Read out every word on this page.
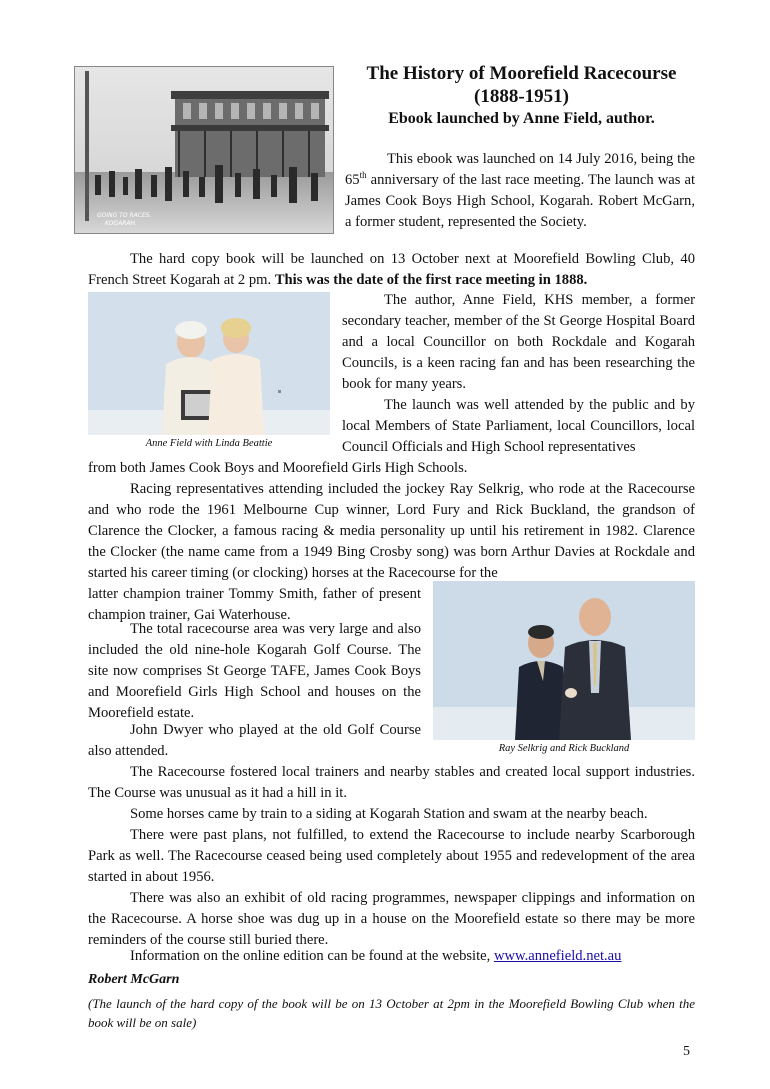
GOING TO RACES.
KOGARAH.

The History of Moorefield Racecourse

(1888-1951)

Ebook launched by Anne Field, author.

This ebook was launched on 14 July 2016, being the 65th anniversary of the last race meeting. The launch was at James Cook Boys High School, Kogarah. Robert McGarn, a former student, represented the Society.

The hard copy book will be launched on 13 October next at Moorefield Bowling Club, 40 French Street Kogarah at 2 pm. This was the date of the first race meeting in 1888.

Anne Field with Linda Beattie

The author, Anne Field, KHS member, a former secondary teacher, member of the St George Hospital Board and a local Councillor on both Rockdale and Kogarah Councils, is a keen racing fan and has been researching the book for many years.

The launch was well attended by the public and by local Members of State Parliament, local Councillors, local Council Officials and High School representatives

from both James Cook Boys and Moorefield Girls High Schools.

Racing representatives attending included the jockey Ray Selkrig, who rode at the Racecourse and who rode the 1961 Melbourne Cup winner, Lord Fury and Rick Buckland, the grandson of Clarence the Clocker, a famous racing & media personality up until his retirement in 1982. Clarence the Clocker (the name came from a 1949 Bing Crosby song) was born Arthur Davies at Rockdale and started his career timing (or clocking) horses at the Racecourse for the

latter champion trainer Tommy Smith, father of present champion trainer, Gai Waterhouse.

Ray Selkrig and Rick Buckland

The total racecourse area was very large and also included the old nine-hole Kogarah Golf Course. The site now comprises St George TAFE, James Cook Boys and Moorefield Girls High School and houses on the Moorefield estate.

John Dwyer who played at the old Golf Course also attended.

The Racecourse fostered local trainers and nearby stables and created local support industries. The Course was unusual as it had a hill in it.

Some horses came by train to a siding at Kogarah Station and swam at the nearby beach.

There were past plans, not fulfilled, to extend the Racecourse to include nearby Scarborough Park as well. The Racecourse ceased being used completely about 1955 and redevelopment of the area started in about 1956.

There was also an exhibit of old racing programmes, newspaper clippings and information on the Racecourse. A horse shoe was dug up in a house on the Moorefield estate so there may be more reminders of the course still buried there.

Information on the online edition can be found at the website, www.annefield.net.au

Robert McGarn

(The launch of the hard copy of the book will be on 13 October at 2pm in the Moorefield Bowling Club when the book will be on sale)

5
